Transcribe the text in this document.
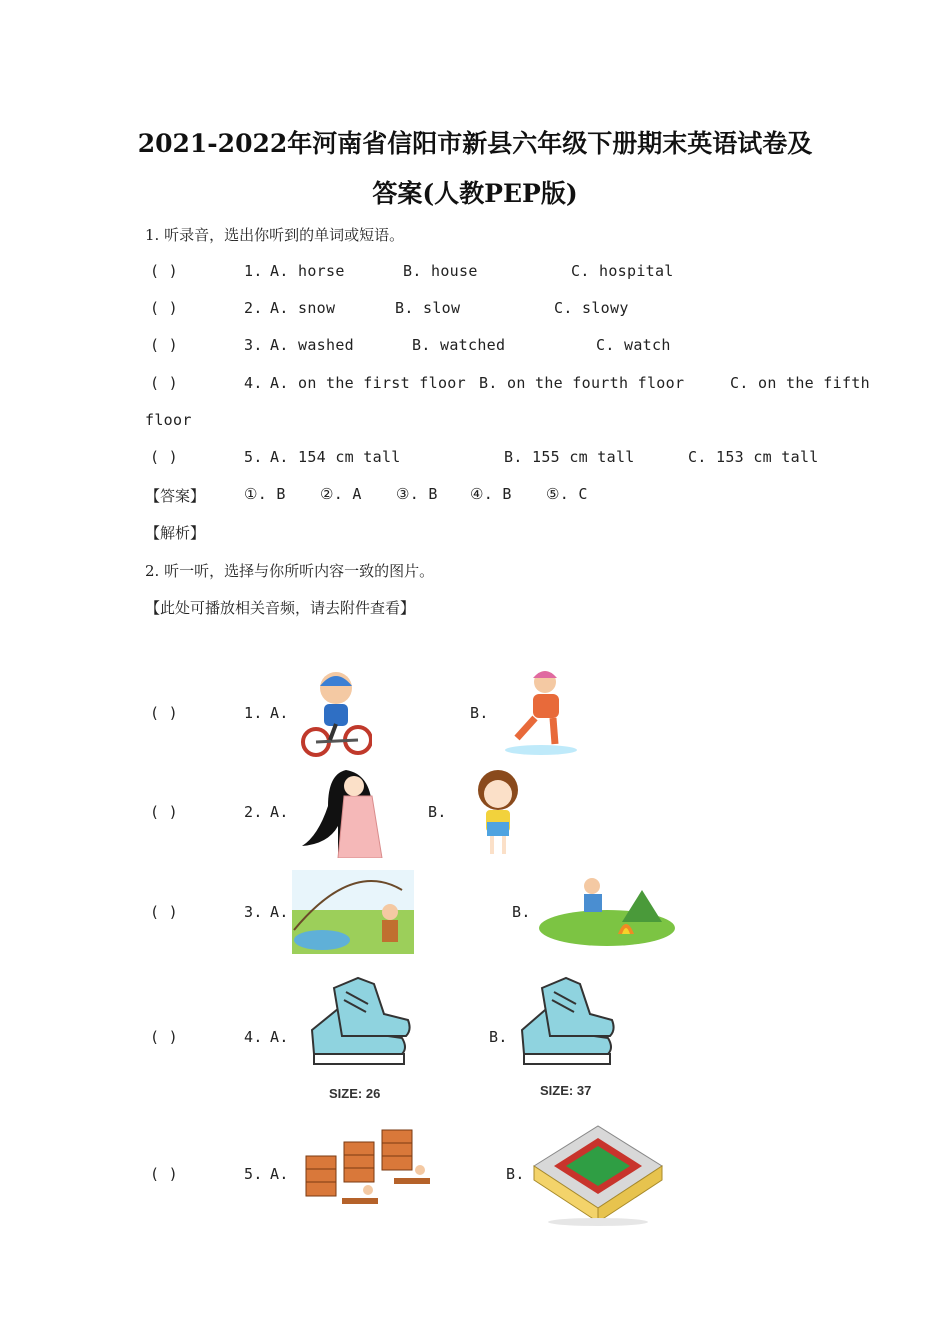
2021-2022年河南省信阳市新县六年级下册期末英语试卷及
答案(人教PEP版)
1. 听录音，选出你听到的单词或短语。
( )	1. A. horse	B. house	C. hospital
( )	2. A. snow	B. slow	C. slowy
( )	3. A. washed	B. watched	C. watch
( )	4. A. on the first floor B. on the fourth floor	C. on the fifth
floor
( )	5. A. 154 cm tall	B. 155 cm tall	C. 153 cm tall
【答案】	①. B ②. A ③. B ④. B ⑤. C
【解析】
2. 听一听，选择与你所听内容一致的图片。
【此处可播放相关音频，请去附件查看】
( )	1. A.	B.
( )	2. A.	B.
( )	3. A.	B.
( )	4. A.	B.
SIZE: 26	SIZE: 37
( )	5. A.	B.
